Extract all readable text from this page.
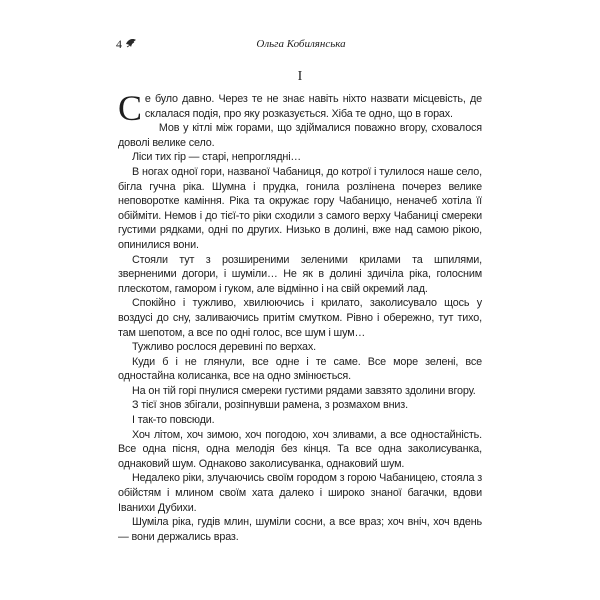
4	Ольга Кобилянська
I

Се було давно. Через те не знає навіть ніхто назвати місцевість, де склалася подія, про яку розказується. Хіба те одно, що в горах.

Мов у кітлі між горами, що здіймалися поважно вгору, сховалося доволі велике село.

Ліси тих гір — старі, непроглядні…

В ногах одної гори, названої Чабаниця, до котрої і тулилося наше село, бігла гучна ріка. Шумна і прудка, гонила розлінена почерез велике неповоротке каміння. Ріка та окружає гору Чабаницю, неначеб хотіла її обійміти. Немов і до тієї-то ріки сходили з самого верху Чабаниці смереки густими рядками, одні по других. Низько в долині, вже над самою рікою, опинилися вони.

Стояли тут з розширеними зеленими крилами та шпилями, зверненими догори, і шуміли… Не як в долині здичіла ріка, голосним плескотом, гамором і гуком, але відмінно і на свій окремий лад.

Спокійно і тужливо, хвилюючись і крилато, заколисувало щось у воздусі до сну, заливаючись притім смутком. Рівно і обережно, тут тихо, там шепотом, а все по одні голос, все шум і шум…

Тужливо рослося деревині по верхах.

Куди б і не глянули, все одне і те саме. Все море зелені, все одностайна колисанка, все на одно змінюється.

На он тій горі пнулися смереки густими рядами завзято здолини вгору.

З тієї знов збігали, розіпнувши рамена, з розмахом вниз.

І так-то повсюди.

Хоч літом, хоч зимою, хоч погодою, хоч зливами, а все одностайність. Все одна пісня, одна мелодія без кінця. Та все одна заколисуванка, однаковий шум. Однаково заколисуванка, однаковий шум.

Недалеко ріки, злучаючись своїм городом з горою Чабаницею, стояла з обійстям і млином своїм хата далеко і широко знаної багачки, вдови Іванихи Дубихи.

Шуміла ріка, гудів млин, шуміли сосни, а все враз; хоч вніч, хоч вдень — вони держались враз.
